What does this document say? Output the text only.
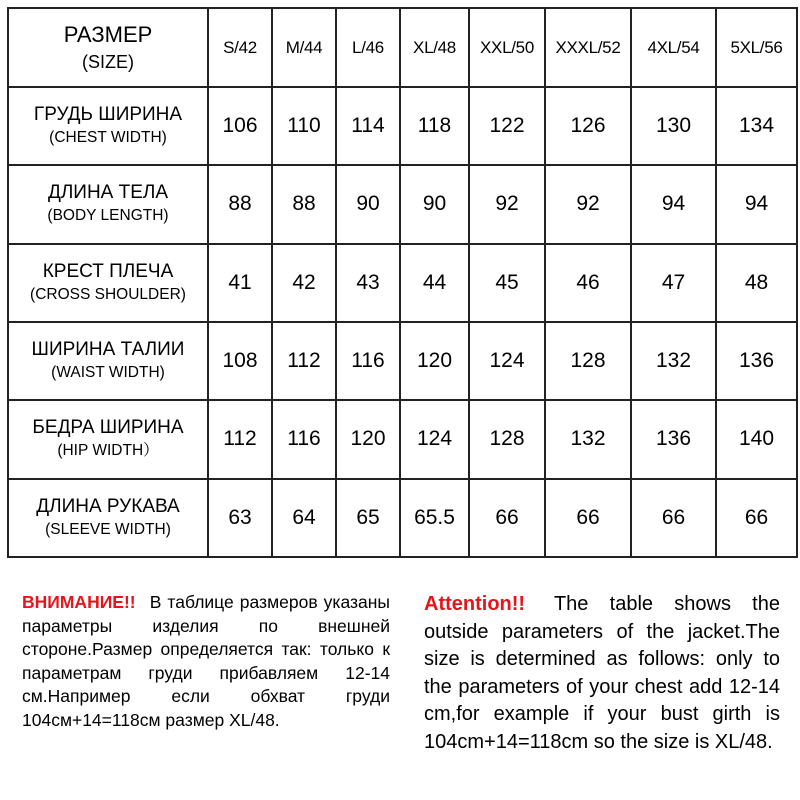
РАЗМЕР
(SIZE)	S/42	M/44	L/46	XL/48	XXL/50	XXXL/52	4XL/54	5XL/56

ГРУДЬ ШИРИНА
(CHEST WIDTH)	106	110	114	118	122	126	130	134

ДЛИНА ТЕЛА
(BODY LENGTH)	88	88	90	90	92	92	94	94

КРЕСТ ПЛЕЧА
(CROSS SHOULDER)	41	42	43	44	45	46	47	48

ШИРИНА ТАЛИИ
(WAIST WIDTH)	108	112	116	120	124	128	132	136

БЕДРА ШИРИНА
(HIP WIDTH）	112	116	120	124	128	132	136	140

ДЛИНА РУКАВА
(SLEEVE WIDTH)	63	64	65	65.5	66	66	66	66
ВНИМАНИЕ!! В таблице размеров указаны параметры изделия по внешней стороне.Размер определяется так: только к параметрам груди прибавляем 12-14 см.Например если обхват груди 104см+14=118см размер XL/48.
Attention!! The table shows the outside parameters of the jacket.The size is determined as follows: only to the parameters of your chest add 12-14 cm,for example if your bust girth is 104cm+14=118cm so the size is XL/48.
